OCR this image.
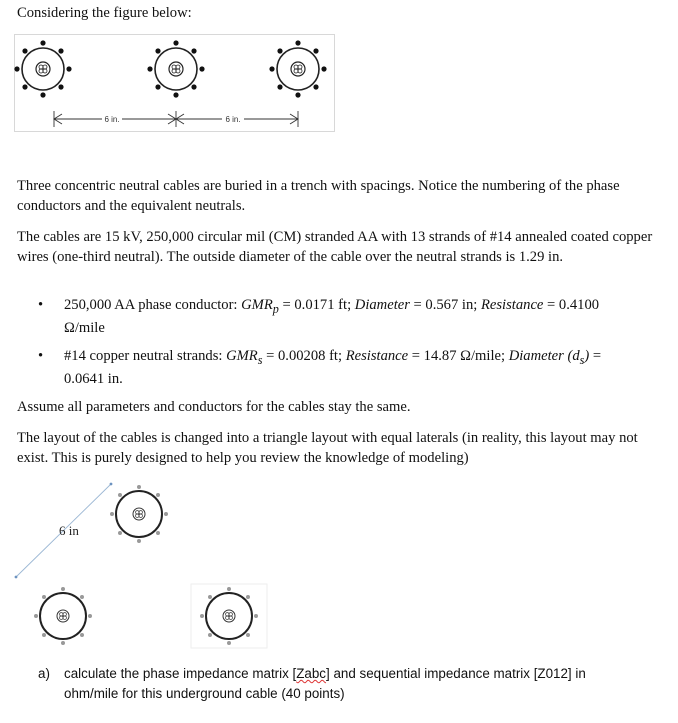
Considering the figure below:
6 in.	6 in.
Three concentric neutral cables are buried in a trench with spacings. Notice the numbering of the phase conductors and the equivalent neutrals.
The cables are 15 kV, 250,000 circular mil (CM) stranded AA with 13 strands of #14 annealed coated copper wires (one-third neutral). The outside diameter of the cable over the neutral strands is 1.29 in.
• 250,000 AA phase conductor: $GMR_p = 0.0171$ ft; Diameter = 0.567 in; Resistance = 0.4100 Ω/mile
• #14 copper neutral strands: $GMR_s = 0.00208$ ft; Resistance = 14.87 Ω/mile; Diameter $(d_s) = 0.0641$ in.
Assume all parameters and conductors for the cables stay the same.
The layout of the cables is changed into a triangle layout with equal laterals (in reality, this layout may not exist. This is purely designed to help you review the knowledge of modeling)
6 in
a) calculate the phase impedance matrix [Zabc] and sequential impedance matrix [Z012] in ohm/mile for this underground cable (40 points)
